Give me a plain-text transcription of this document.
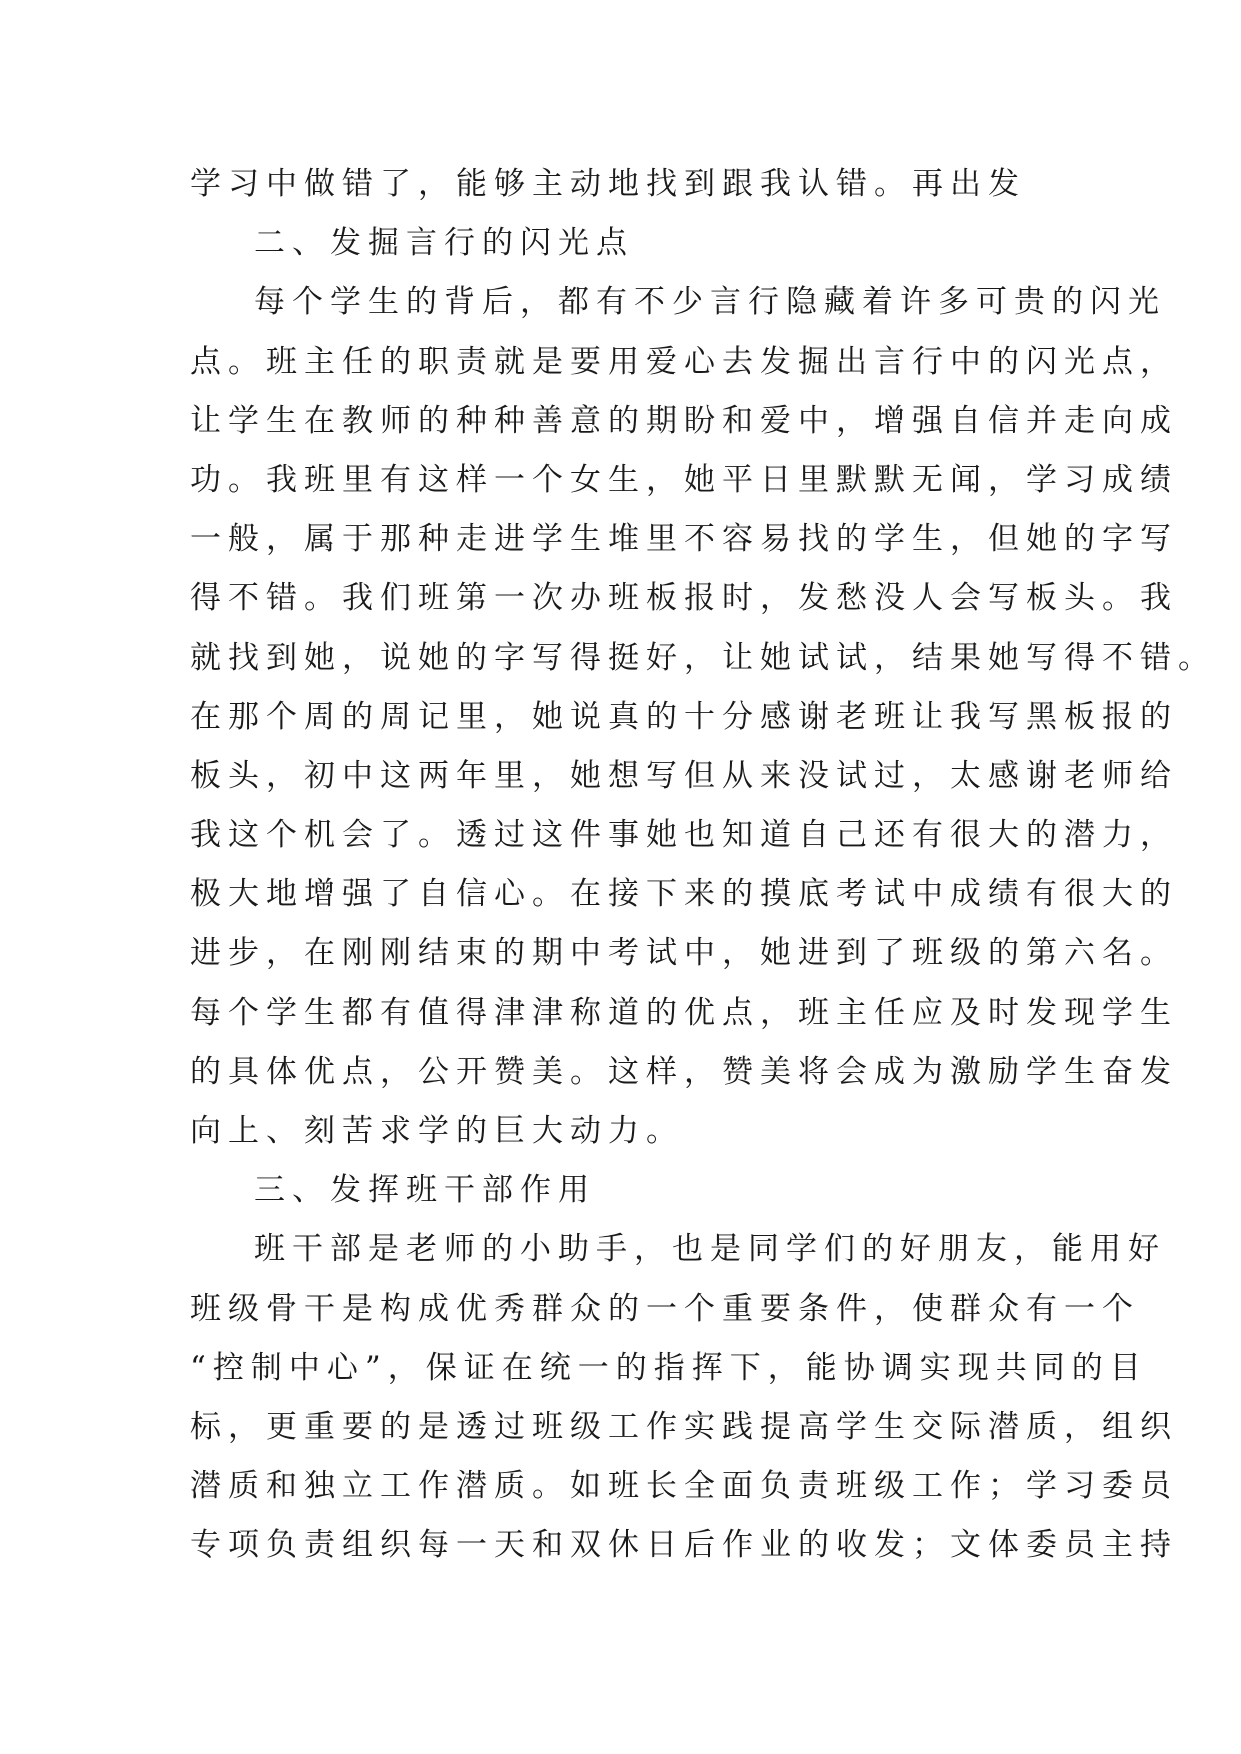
学习中做错了，能够主动地找到跟我认错。再出发
二、发掘言行的闪光点
每个学生的背后，都有不少言行隐藏着许多可贵的闪光
点。班主任的职责就是要用爱心去发掘出言行中的闪光点，
让学生在教师的种种善意的期盼和爱中，增强自信并走向成
功。我班里有这样一个女生，她平日里默默无闻，学习成绩
一般，属于那种走进学生堆里不容易找的学生，但她的字写
得不错。我们班第一次办班板报时，发愁没人会写板头。我
就找到她，说她的字写得挺好，让她试试，结果她写得不错。
在那个周的周记里，她说真的十分感谢老班让我写黑板报的
板头，初中这两年里，她想写但从来没试过，太感谢老师给
我这个机会了。透过这件事她也知道自己还有很大的潜力，
极大地增强了自信心。在接下来的摸底考试中成绩有很大的
进步，在刚刚结束的期中考试中，她进到了班级的第六名。
每个学生都有值得津津称道的优点，班主任应及时发现学生
的具体优点，公开赞美。这样，赞美将会成为激励学生奋发
向上、刻苦求学的巨大动力。
三、发挥班干部作用
班干部是老师的小助手，也是同学们的好朋友，能用好
班级骨干是构成优秀群众的一个重要条件，使群众有一个
“控制中心”，保证在统一的指挥下，能协调实现共同的目
标，更重要的是透过班级工作实践提高学生交际潜质，组织
潜质和独立工作潜质。如班长全面负责班级工作；学习委员
专项负责组织每一天和双休日后作业的收发；文体委员主持
